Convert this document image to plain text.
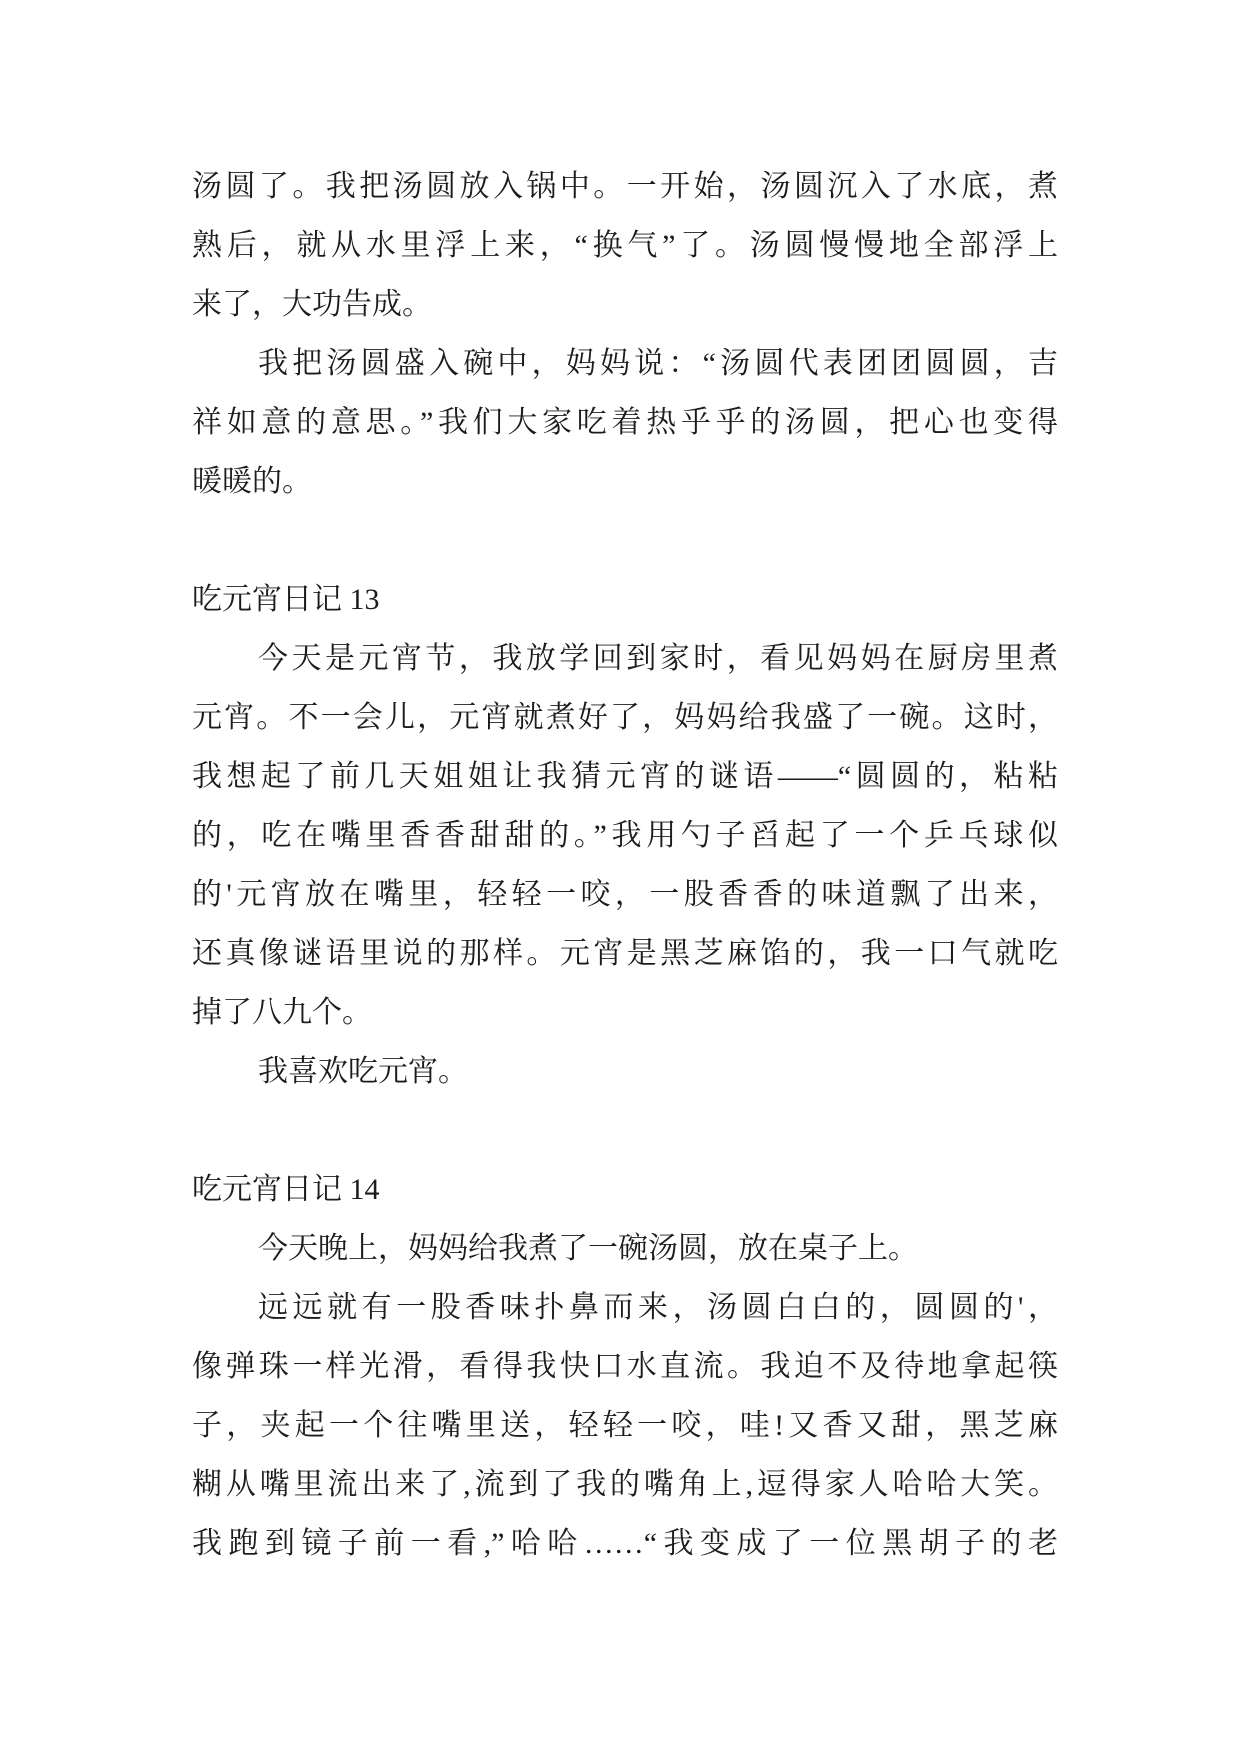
汤圆了。我把汤圆放入锅中。一开始，汤圆沉入了水底，煮
熟后，就从水里浮上来，“换气”了。汤圆慢慢地全部浮上
来了，大功告成。
我把汤圆盛入碗中，妈妈说：“汤圆代表团团圆圆，吉
祥如意的意思。”我们大家吃着热乎乎的汤圆，把心也变得
暖暖的。
吃元宵日记 13
今天是元宵节，我放学回到家时，看见妈妈在厨房里煮
元宵。不一会儿，元宵就煮好了，妈妈给我盛了一碗。这时，
我想起了前几天姐姐让我猜元宵的谜语——“圆圆的，粘粘
的，吃在嘴里香香甜甜的。”我用勺子舀起了一个乒乓球似
的'元宵放在嘴里，轻轻一咬，一股香香的味道飘了出来，
还真像谜语里说的那样。元宵是黑芝麻馅的，我一口气就吃
掉了八九个。
我喜欢吃元宵。
吃元宵日记 14
今天晚上，妈妈给我煮了一碗汤圆，放在桌子上。
远远就有一股香味扑鼻而来，汤圆白白的，圆圆的'，
像弹珠一样光滑，看得我快口水直流。我迫不及待地拿起筷
子，夹起一个往嘴里送，轻轻一咬，哇!又香又甜，黑芝麻
糊从嘴里流出来了,流到了我的嘴角上,逗得家人哈哈大笑。
我跑到镜子前一看,”哈哈……“我变成了一位黑胡子的老
